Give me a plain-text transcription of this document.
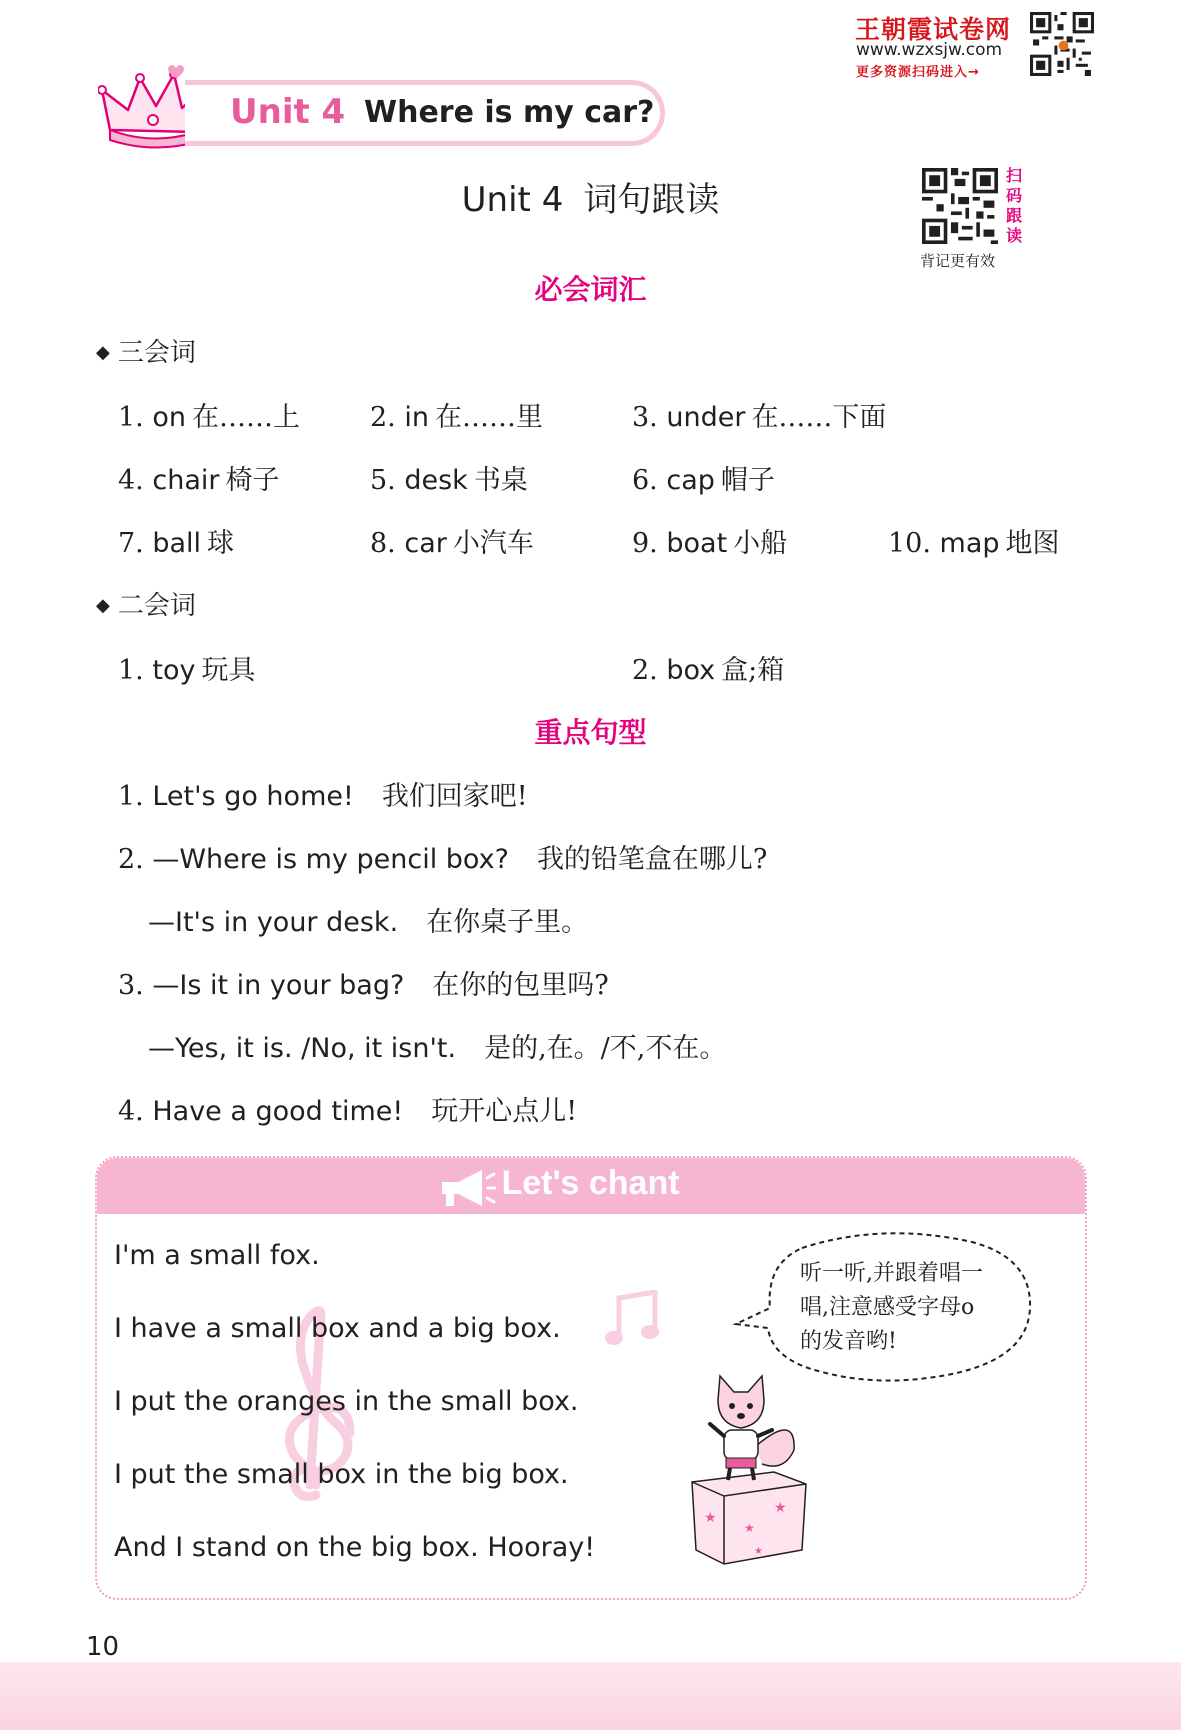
王朝霞试卷网
www.wzxsjw.com
更多资源扫码进入→
Unit 4 Where is my car?
Unit 4 词句跟读
扫
码
跟
读
背记更有效
必会词汇
◆ 三会词
1. on 在……上	2. in 在……里	3. under 在……下面
4. chair 椅子	5. desk 书桌	6. cap 帽子
7. ball 球	8. car 小汽车	9. boat 小船	10. map 地图
◆ 二会词
1. toy 玩具	2. box 盒;箱
重点句型
1. Let's go home! 我们回家吧!
2. —Where is my pencil box? 我的铅笔盒在哪儿?
—It's in your desk. 在你桌子里。
3. —Is it in your bag? 在你的包里吗?
—Yes, it is. /No, it isn't. 是的,在。/不,不在。
4. Have a good time! 玩开心点儿!
Let's chant
I'm a small fox.
I have a small box and a big box.
I put the oranges in the small box.
I put the small box in the big box.
And I stand on the big box. Hooray!
听一听,并跟着唱一
唱,注意感受字母o
的发音哟!
★
★
★
★
10
